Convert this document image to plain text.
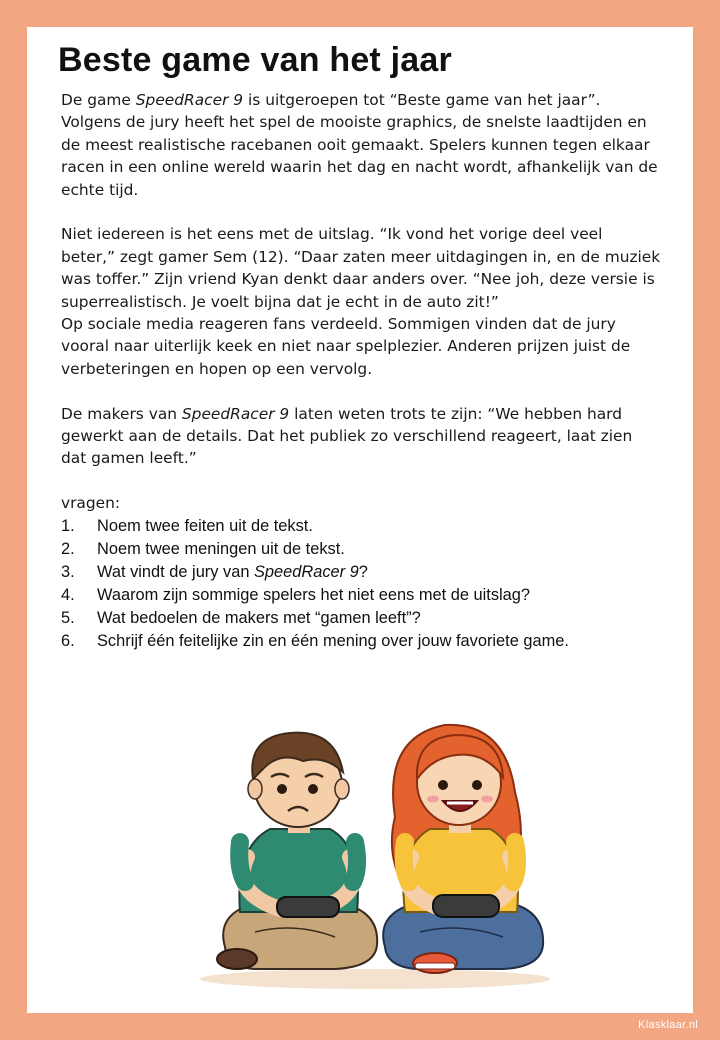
Beste game van het jaar

De game SpeedRacer 9 is uitgeroepen tot “Beste game van het jaar”. Volgens de jury heeft het spel de mooiste graphics, de snelste laadtijden en de meest realistische racebanen ooit gemaakt. Spelers kunnen tegen elkaar racen in een online wereld waarin het dag en nacht wordt, afhankelijk van de echte tijd.

Niet iedereen is het eens met de uitslag. “Ik vond het vorige deel veel beter,” zegt gamer Sem (12). “Daar zaten meer uitdagingen in, en de muziek was toffer.” Zijn vriend Kyan denkt daar anders over. “Nee joh, deze versie is superrealistisch. Je voelt bijna dat je echt in de auto zit!”

Op sociale media reageren fans verdeeld. Sommigen vinden dat de jury vooral naar uiterlijk keek en niet naar spelplezier. Anderen prijzen juist de verbeteringen en hopen op een vervolg.

De makers van SpeedRacer 9 laten weten trots te zijn: “We hebben hard gewerkt aan de details. Dat het publiek zo verschillend reageert, laat zien dat gamen leeft.”

vragen:
1.	Noem twee feiten uit de tekst.
2.	Noem twee meningen uit de tekst.
3.	Wat vindt de jury van SpeedRacer 9?
4.	Waarom zijn sommige spelers het niet eens met de uitslag?
5.	Wat bedoelen de makers met “gamen leeft”?
6.	Schrijf één feitelijke zin en één mening over jouw favoriete game.
Klasklaar.nl
